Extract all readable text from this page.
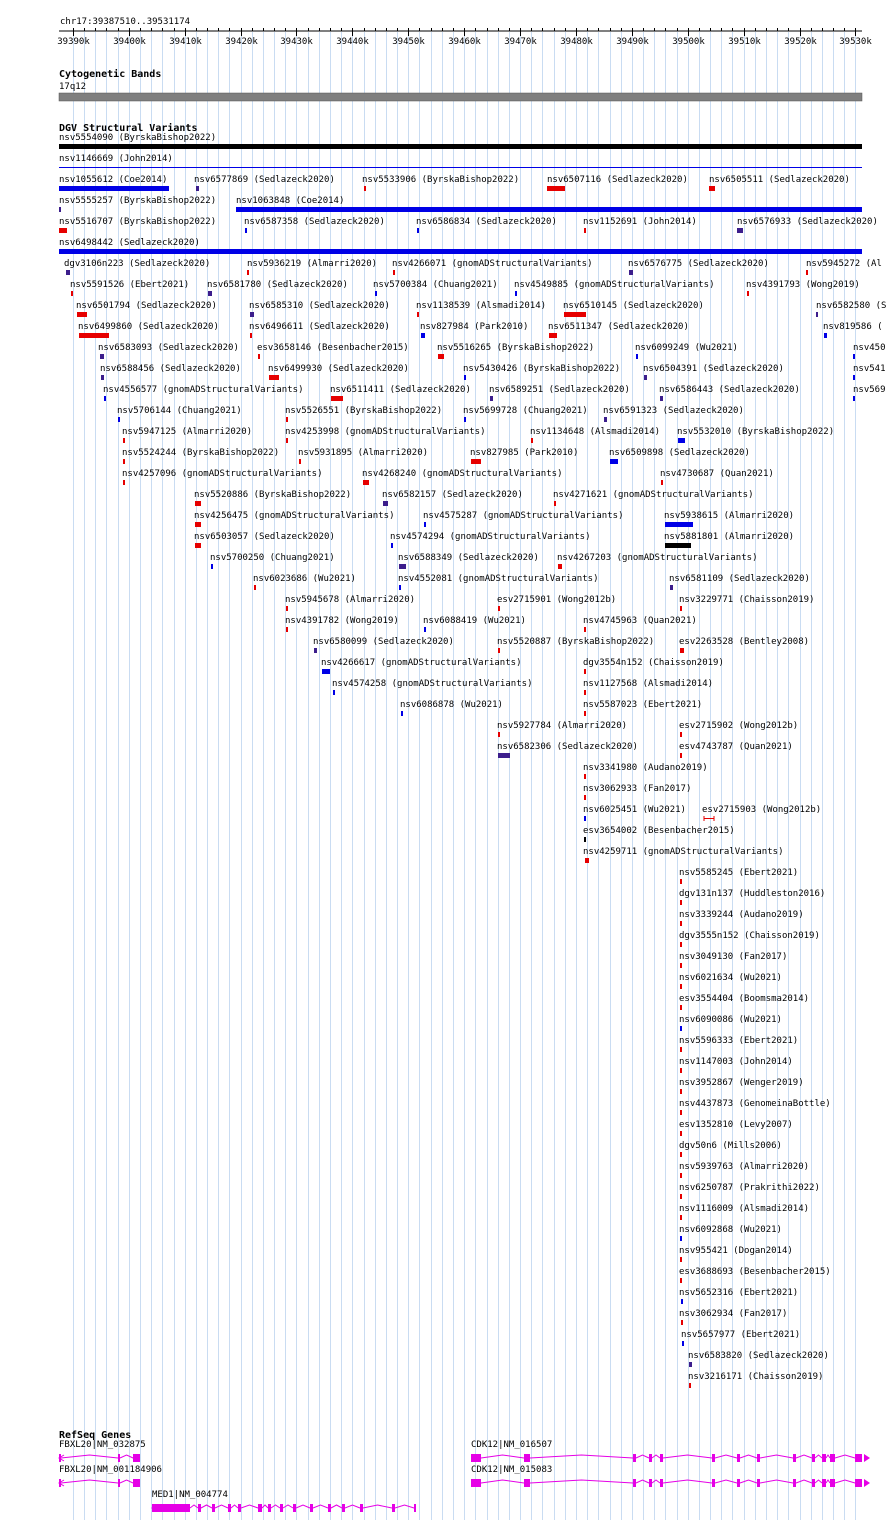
chr17:39387510..39531174
39390k	39400k	39410k	39420k 39430k	39440k	39450k	39460k	39470k	39480k	39490k	39500k	39510k	39520k 39530k
Cytogenetic Bands
17q12
DGV Structural Variants
nsv5554090 (ByrskaBishop2022)
nsv1146669 (John2014)
nsv1055612 (Coe2014)	nsv6577869 (Sedlazeck2020)	nsv5533906 (ByrskaBishop2022)	nsv6507116 (Sedlazeck2020) nsv6505511 (Sedlazeck2020)
nsv5555257 (ByrskaBishop2022) nsv1063848 (Coe2014)
nsv5516707 (ByrskaBishop2022)	nsv6587358 (Sedlazeck2020)	nsv6586834 (Sedlazeck2020)	nsv1152691 (John2014)	nsv6576933 (Sedlazeck2020)
nsv6498442 (Sedlazeck2020)
dgv3106n223 (Sedlazeck2020)	nsv5936219 (Almarri2020) nsv4266071 (gnomADStructuralVariants)	nsv6576775 (Sedlazeck2020)	nsv5945272 (Al
nsv5591526 (Ebert2021) nsv6581780 (Sedlazeck2020)	nsv5700384 (Chuang2021) nsv4549885 (gnomADStructuralVariants)	nsv4391793 (Wong2019)
nsv6501794 (Sedlazeck2020)	nsv6585310 (Sedlazeck2020)	nsv1138539 (Alsmadi2014) nsv6510145 (Sedlazeck2020)	nsv6582580 (S
nsv6499860 (Sedlazeck2020)	nsv6496611 (Sedlazeck2020)	nsv827984 (Park2010) nsv6511347 (Sedlazeck2020)	nsv819586 (
nsv6583093 (Sedlazeck2020) esv3658146 (Besenbacher2015)	nsv5516265 (ByrskaBishop2022)	nsv6099249 (Wu2021)	nsv450
nsv6588456 (Sedlazeck2020)	nsv6499930 (Sedlazeck2020)	nsv5430426 (ByrskaBishop2022)	nsv6504391 (Sedlazeck2020)	nsv541
nsv4556577 (gnomADStructuralVariants)	nsv6511411 (Sedlazeck2020) nsv6589251 (Sedlazeck2020)	nsv6586443 (Sedlazeck2020)	nsv569
nsv5706144 (Chuang2021)	nsv5526551 (ByrskaBishop2022) nsv5699728 (Chuang2021) nsv6591323 (Sedlazeck2020)
nsv5947125 (Almarri2020)	nsv4253998 (gnomADStructuralVariants)	nsv1134648 (Alsmadi2014) nsv5532010 (ByrskaBishop2022)
nsv5524244 (ByrskaBishop2022) nsv5931895 (Almarri2020)	nsv827985 (Park2010)	nsv6509898 (Sedlazeck2020)
nsv4257096 (gnomADStructuralVariants)	nsv4268240 (gnomADStructuralVariants)	nsv4730687 (Quan2021)
nsv5520886 (ByrskaBishop2022)	nsv6582157 (Sedlazeck2020)	nsv4271621 (gnomADStructuralVariants)
nsv4256475 (gnomADStructuralVariants)	nsv4575287 (gnomADStructuralVariants)	nsv5938615 (Almarri2020)
nsv6503057 (Sedlazeck2020)	nsv4574294 (gnomADStructuralVariants)	nsv5881801 (Almarri2020)
nsv5700250 (Chuang2021)	nsv6588349 (Sedlazeck2020) nsv4267203 (gnomADStructuralVariants)
nsv6023686 (Wu2021)	nsv4552081 (gnomADStructuralVariants)	nsv6581109 (Sedlazeck2020)
nsv5945678 (Almarri2020)	esv2715901 (Wong2012b)	nsv3229771 (Chaisson2019)
nsv4391782 (Wong2019)	nsv6088419 (Wu2021)	nsv4745963 (Quan2021)
nsv6580099 (Sedlazeck2020)	nsv5520887 (ByrskaBishop2022)	esv2263528 (Bentley2008)
nsv4266617 (gnomADStructuralVariants)	dgv3554n152 (Chaisson2019)
nsv4574258 (gnomADStructuralVariants)	nsv1127568 (Alsmadi2014)
nsv6086878 (Wu2021)	nsv5587023 (Ebert2021)
nsv5927784 (Almarri2020)	esv2715902 (Wong2012b)
nsv6582306 (Sedlazeck2020)	esv4743787 (Quan2021)
nsv3341980 (Audano2019)
nsv3062933 (Fan2017)
nsv6025451 (Wu2021) esv2715903 (Wong2012b)
esv3654002 (Besenbacher2015)
nsv4259711 (gnomADStructuralVariants)
nsv5585245 (Ebert2021)
dgv131n137 (Huddleston2016)
nsv3339244 (Audano2019)
dgv3555n152 (Chaisson2019)
nsv3049130 (Fan2017)
nsv6021634 (Wu2021)
esv3554404 (Boomsma2014)
nsv6090086 (Wu2021)
nsv5596333 (Ebert2021)
nsv1147003 (John2014)
nsv3952867 (Wenger2019)
nsv4437873 (GenomeinaBottle)
esv1352810 (Levy2007)
dgv50n6 (Mills2006)
nsv5939763 (Almarri2020)
nsv6250787 (Prakrithi2022)
nsv1116009 (Alsmadi2014)
nsv6092868 (Wu2021)
nsv955421 (Dogan2014)
esv3688693 (Besenbacher2015)
nsv5652316 (Ebert2021)
nsv3062934 (Fan2017)
nsv5657977 (Ebert2021)
nsv6583820 (Sedlazeck2020)
nsv3216171 (Chaisson2019)
RefSeq Genes
FBXL20|NM_032875
FBXL20|NM_001184906
MED1|NM_004774
CDK12|NM_016507
CDK12|NM_015083
